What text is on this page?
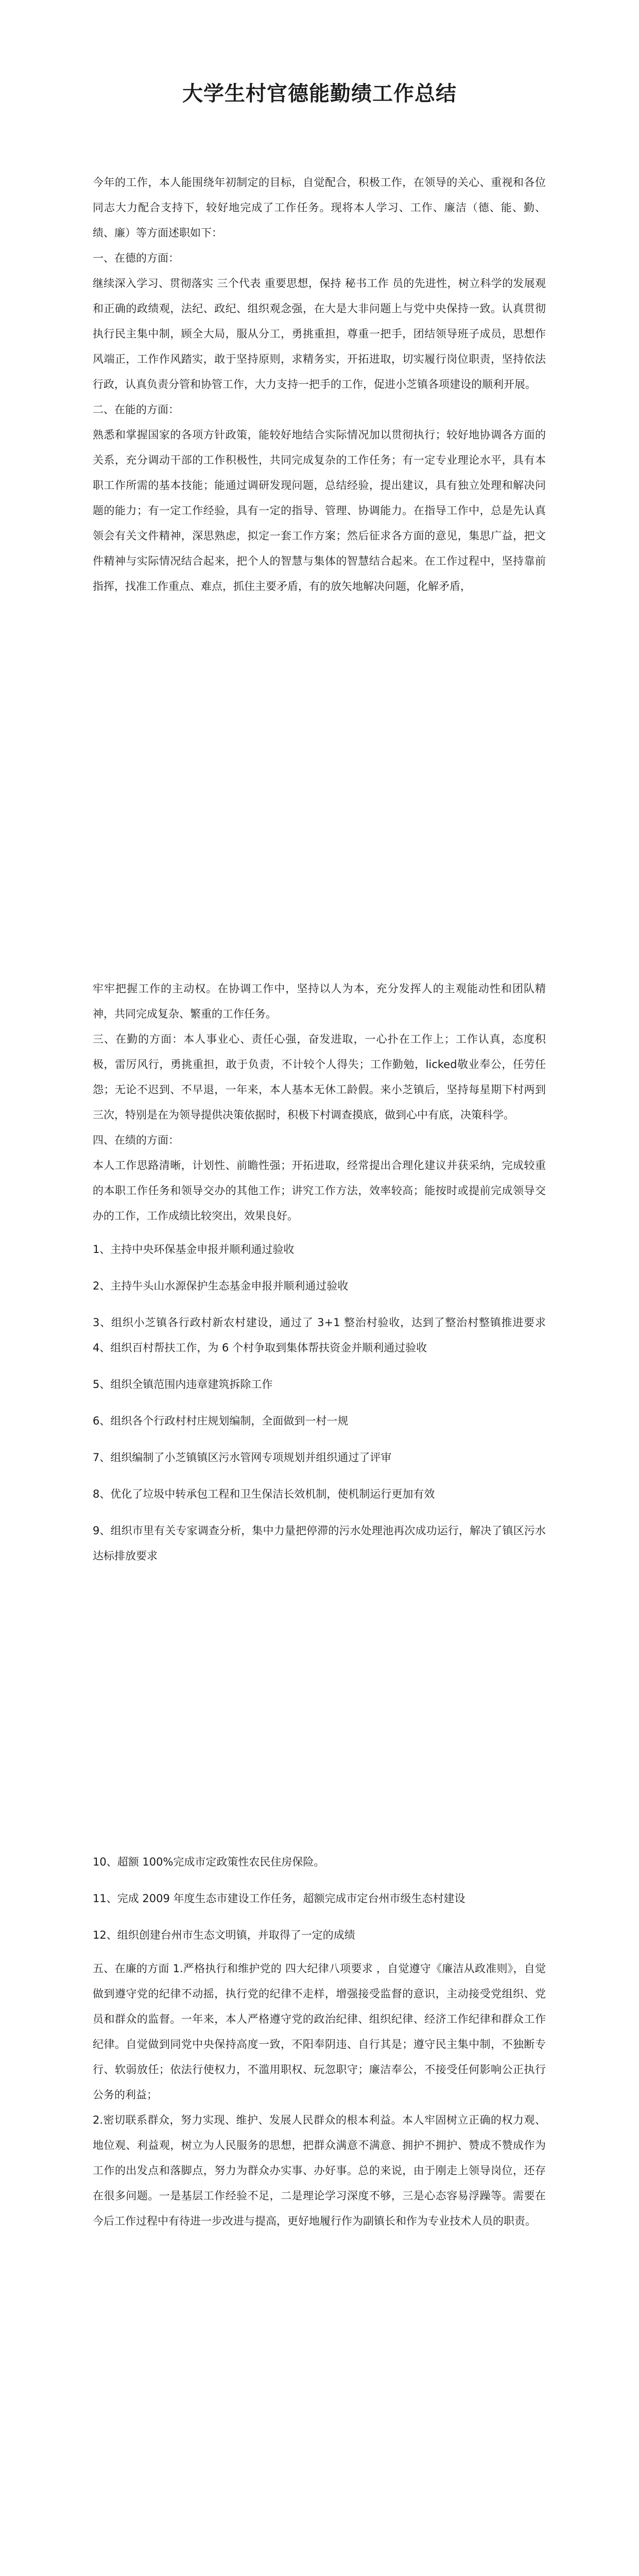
大学生村官德能勤绩工作总结

今年的工作，本人能围绕年初制定的目标，自觉配合，积极工作，在领导的关心、重视和各位同志大力配合支持下，较好地完成了工作任务。现将本人学习、工作、廉洁（德、能、勤、绩、廉）等方面述职如下：

一、在德的方面：

继续深入学习、贯彻落实 三个代表 重要思想，保持 秘书工作 员的先进性，树立科学的发展观和正确的政绩观，法纪、政纪、组织观念强，在大是大非问题上与党中央保持一致。认真贯彻执行民主集中制，顾全大局，服从分工，勇挑重担，尊重一把手，团结领导班子成员，思想作风端正，工作作风踏实，敢于坚持原则，求精务实，开拓进取，切实履行岗位职责，坚持依法行政，认真负责分管和协管工作，大力支持一把手的工作，促进小芝镇各项建设的顺利开展。

二、在能的方面：

熟悉和掌握国家的各项方针政策，能较好地结合实际情况加以贯彻执行；较好地协调各方面的关系，充分调动干部的工作积极性，共同完成复杂的工作任务；有一定专业理论水平，具有本职工作所需的基本技能；能通过调研发现问题，总结经验，提出建议，具有独立处理和解决问题的能力；有一定工作经验，具有一定的指导、管理、协调能力。在指导工作中，总是先认真领会有关文件精神，深思熟虑，拟定一套工作方案；然后征求各方面的意见，集思广益，把文件精神与实际情况结合起来，把个人的智慧与集体的智慧结合起来。在工作过程中，坚持靠前指挥，找准工作重点、难点，抓住主要矛盾，有的放矢地解决问题，化解矛盾，

牢牢把握工作的主动权。在协调工作中，坚持以人为本，充分发挥人的主观能动性和团队精神，共同完成复杂、繁重的工作任务。

三、在勤的方面：本人事业心、责任心强，奋发进取，一心扑在工作上；工作认真，态度积极，雷厉风行，勇挑重担，敢于负责，不计较个人得失；工作勤勉，licked敬业奉公，任劳任怨；无论不迟到、不早退，一年来，本人基本无休工龄假。来小芝镇后，坚持每星期下村两到三次，特别是在为领导提供决策依据时，积极下村调查摸底，做到心中有底，决策科学。

四、在绩的方面：

本人工作思路清晰，计划性、前瞻性强；开拓进取，经常提出合理化建议并获采纳，完成较重的本职工作任务和领导交办的其他工作；讲究工作方法，效率较高；能按时或提前完成领导交办的工作，工作成绩比较突出，效果良好。

1、主持中央环保基金申报并顺利通过验收
2、主持牛头山水源保护生态基金申报并顺利通过验收
3、组织小芝镇各行政村新农村建设，通过了 3+1 整治村验收，达到了整治村整镇推进要求 4、组织百村帮扶工作，为 6 个村争取到集体帮扶资金并顺利通过验收
5、组织全镇范围内违章建筑拆除工作
6、组织各个行政村村庄规划编制，全面做到一村一规
7、组织编制了小芝镇镇区污水管网专项规划并组织通过了评审
8、优化了垃圾中转承包工程和卫生保洁长效机制，使机制运行更加有效
9、组织市里有关专家调查分析，集中力量把停滞的污水处理池再次成功运行，解决了镇区污水达标排放要求
10、超额 100%完成市定政策性农民住房保险。
11、完成 2009 年度生态市建设工作任务，超额完成市定台州市级生态村建设
12、组织创建台州市生态文明镇，并取得了一定的成绩

五、在廉的方面 1.严格执行和维护党的 四大纪律八项要求 ，自觉遵守《廉洁从政准则》，自觉做到遵守党的纪律不动摇，执行党的纪律不走样，增强接受监督的意识，主动接受党组织、党员和群众的监督。一年来，本人严格遵守党的政治纪律、组织纪律、经济工作纪律和群众工作纪律。自觉做到同党中央保持高度一致，不阳奉阴违、自行其是；遵守民主集中制，不独断专行、软弱放任；依法行使权力，不滥用职权、玩忽职守；廉洁奉公，不接受任何影响公正执行公务的利益；

2.密切联系群众，努力实现、维护、发展人民群众的根本利益。本人牢固树立正确的权力观、地位观、利益观，树立为人民服务的思想，把群众满意不满意、拥护不拥护、赞成不赞成作为工作的出发点和落脚点，努力为群众办实事、办好事。总的来说，由于刚走上领导岗位，还存在很多问题。一是基层工作经验不足，二是理论学习深度不够，三是心态容易浮躁等。需要在今后工作过程中有待进一步改进与提高，更好地履行作为副镇长和作为专业技术人员的职责。
